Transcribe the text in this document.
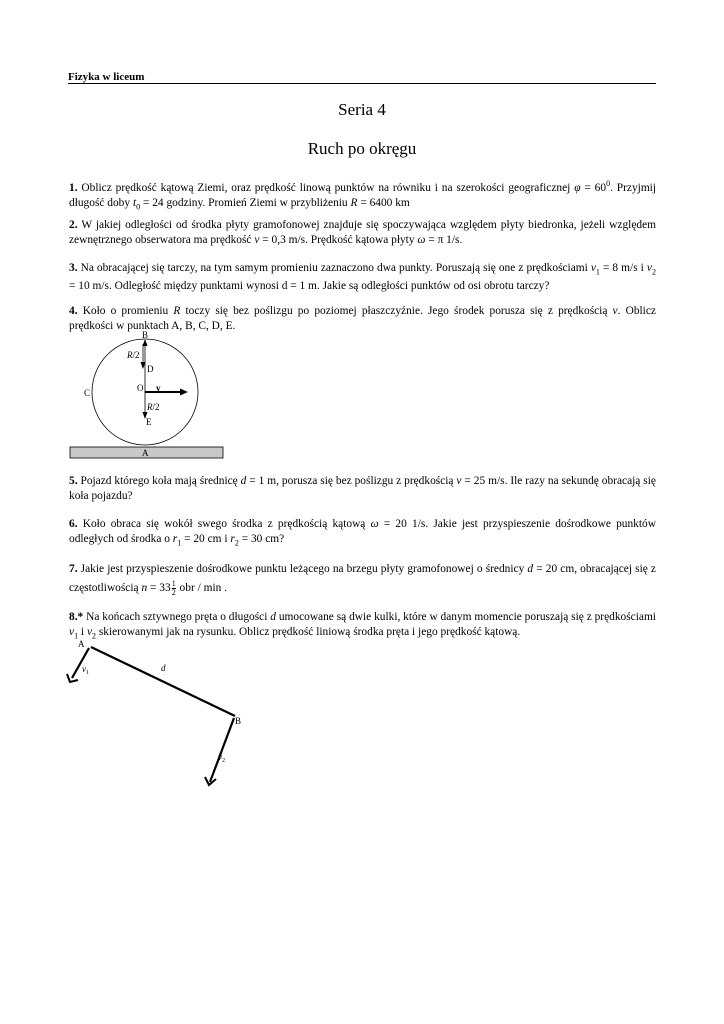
Fizyka w liceum
Seria 4
Ruch po okręgu
1. Oblicz prędkość kątową Ziemi, oraz prędkość linową punktów na równiku i na szerokości geograficznej $\varphi = 60^0$. Przyjmij długość doby $t_0 = 24$ godziny. Promień Ziemi w przybliżeniu R = 6400 km
2. W jakiej odległości od środka płyty gramofonowej znajduje się spoczywająca względem płyty biedronka, jeżeli względem zewnętrznego obserwatora ma prędkość v = 0,3 m/s. Prędkość kątowa płyty ω = π 1/s.
3. Na obracającej się tarczy, na tym samym promieniu zaznaczono dwa punkty. Poruszają się one z prędkościami $v_1 = 8$ m/s i $v_2 = 10$ m/s. Odległość między punktami wynosi d = 1 m. Jakie są odległości punktów od osi obrotu tarczy?
4. Koło o promieniu R toczy się bez poślizgu po poziomej płaszczyźnie. Jego środek porusza się z prędkością v. Oblicz prędkości w punktach A, B, C, D, E.
B
R/2
D
O v
C
R/2
E
A
5. Pojazd którego koła mają średnicę d = 1 m, porusza się bez poślizgu z prędkością v = 25 m/s. Ile razy na sekundę obracają się koła pojazdu?
6. Koło obraca się wokół swego środka z prędkością kątową ω = 20 1/s. Jakie jest przyspieszenie dośrodkowe punktów odległych od środka o $r_1 = 20$ cm i $r_2 = 30$ cm?
7. Jakie jest przyspieszenie dośrodkowe punktu leżącego na brzegu płyty gramofonowej o średnicy d = 20 cm, obracającej się z częstotliwością $n = 33 \frac{1}{2}$ obr / min .
8.* Na końcach sztywnego pręta o długości d umocowane są dwie kulki, które w danym momencie poruszają się z prędkościami $v_1$ i $v_2$ skierowanymi jak na rysunku. Oblicz prędkość liniową środka pręta i jego prędkość kątową.
A
$v_1$	d
B
$v_2$
